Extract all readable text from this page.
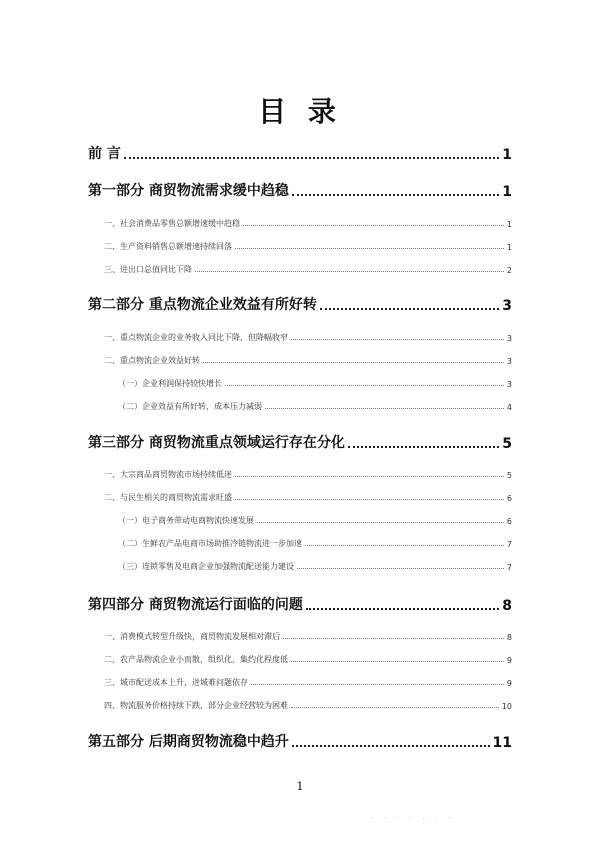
目 录
前 言	1
第一部分 商贸物流需求缓中趋稳	1
一、社会消费品零售总额增速缓中趋稳	1
二、生产资料销售总额增速持续回落	1
三、进出口总值同比下降	2
第二部分 重点物流企业效益有所好转	3
一、重点物流企业的业务收入同比下降，但降幅收窄	3
二、重点物流企业效益好转	3
（一）企业利润保持较快增长	3
（二）企业效益有所好转，成本压力减弱	4
第三部分 商贸物流重点领域运行存在分化	5
一、大宗商品商贸物流市场持续低迷	5
二、与民生相关的商贸物流需求旺盛	6
（一）电子商务带动电商物流快速发展	6
（二）生鲜农产品电商市场助推冷链物流进一步加速	7
（三）连锁零售及电商企业加强物流配送能力建设	7
第四部分 商贸物流运行面临的问题	8
一、消费模式转型升级快，商贸物流发展相对滞后	8
二、农产品物流企业小而散，组织化、集约化程度低	9
三、城市配送成本上升，进城难问题依存	9
四、物流服务价格持续下跌，部分企业经营较为困难	10
第五部分 后期商贸物流稳中趋升	11
1
· · · · · · ·
